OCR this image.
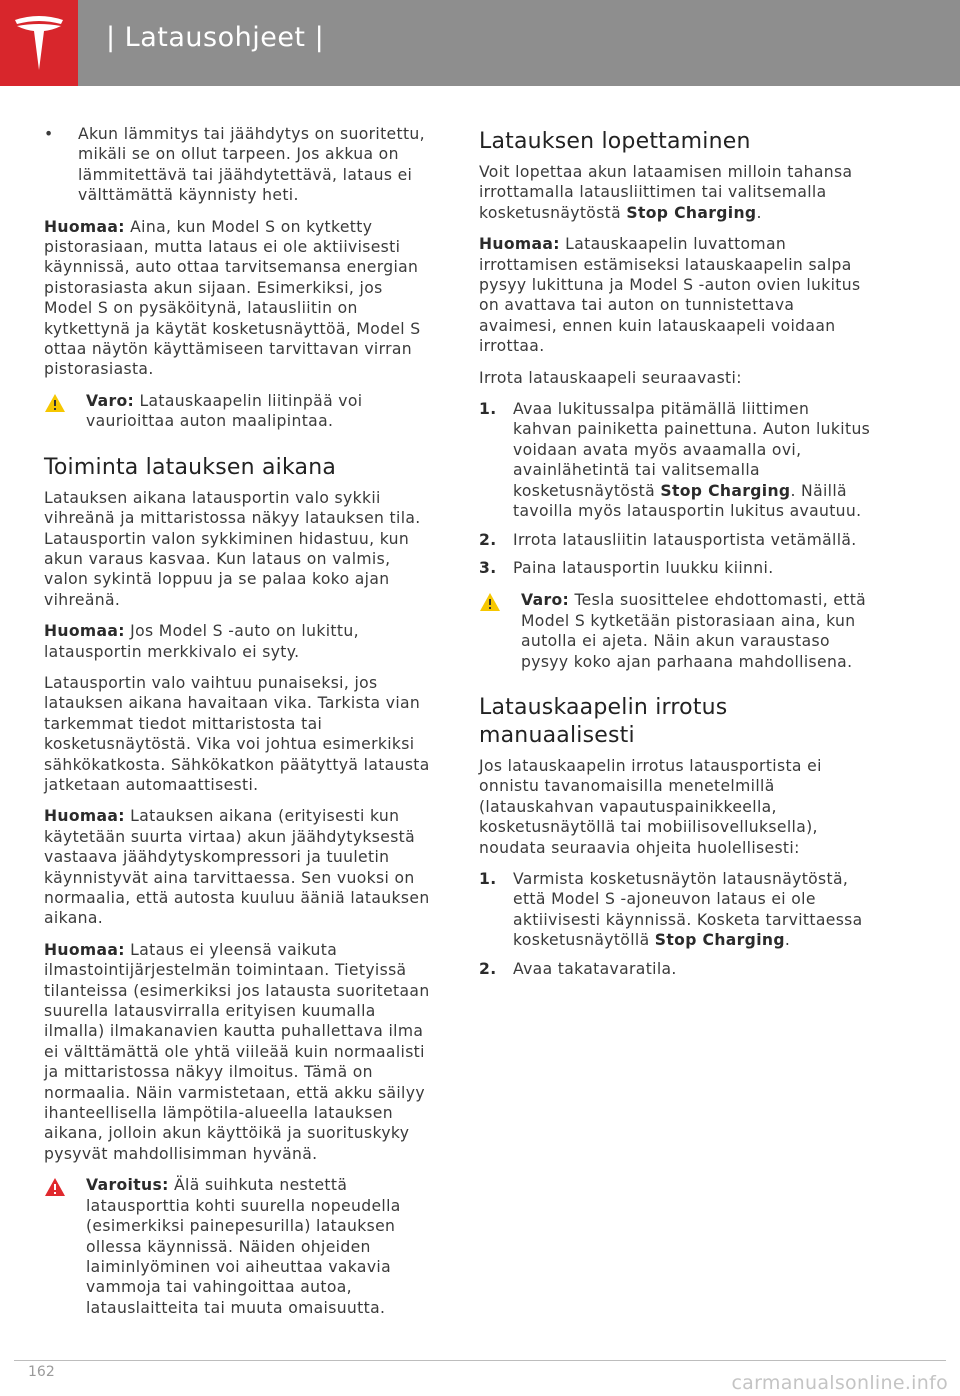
| Latausohjeet |
•	Akun lämmitys tai jäähdytys on suoritettu, mikäli se on ollut tarpeen. Jos akkua on lämmitettävä tai jäähdytettävä, lataus ei välttämättä käynnisty heti.

Huomaa: Aina, kun Model S on kytketty pistorasiaan, mutta lataus ei ole aktiivisesti käynnissä, auto ottaa tarvitsemansa energian pistorasiasta akun sijaan. Esimerkiksi, jos Model S on pysäköitynä, latausliitin on kytkettynä ja käytät kosketusnäyttöä, Model S ottaa näytön käyttämiseen tarvittavan virran pistorasiasta.

Varo: Latauskaapelin liitinpää voi vaurioittaa auton maalipintaa.
Toiminta latauksen aikana

Latauksen aikana latausportin valo sykkii vihreänä ja mittaristossa näkyy latauksen tila. Latausportin valon sykkiminen hidastuu, kun akun varaus kasvaa. Kun lataus on valmis, valon sykintä loppuu ja se palaa koko ajan vihreänä.

Huomaa: Jos Model S -auto on lukittu, latausportin merkkivalo ei syty.

Latausportin valo vaihtuu punaiseksi, jos latauksen aikana havaitaan vika. Tarkista vian tarkemmat tiedot mittaristosta tai kosketusnäytöstä. Vika voi johtua esimerkiksi sähkökatkosta. Sähkökatkon päätyttyä latausta jatketaan automaattisesti.

Huomaa: Latauksen aikana (erityisesti kun käytetään suurta virtaa) akun jäähdytyksestä vastaava jäähdytyskompressori ja tuuletin käynnistyvät aina tarvittaessa. Sen vuoksi on normaalia, että autosta kuuluu ääniä latauksen aikana.

Huomaa: Lataus ei yleensä vaikuta ilmastointijärjestelmän toimintaan. Tietyissä tilanteissa (esimerkiksi jos latausta suoritetaan suurella latausvirralla erityisen kuumalla ilmalla) ilmakanavien kautta puhallettava ilma ei välttämättä ole yhtä viileää kuin normaalisti ja mittaristossa näkyy ilmoitus. Tämä on normaalia. Näin varmistetaan, että akku säilyy ihanteellisella lämpötila-alueella latauksen aikana, jolloin akun käyttöikä ja suorituskyky pysyvät mahdollisimman hyvänä.

Varoitus: Älä suihkuta nestettä latausporttia kohti suurella nopeudella (esimerkiksi painepesurilla) latauksen ollessa käynnissä. Näiden ohjeiden laiminlyöminen voi aiheuttaa vakavia vammoja tai vahingoittaa autoa, latauslaitteita tai muuta omaisuutta.
Latauksen lopettaminen

Voit lopettaa akun lataamisen milloin tahansa irrottamalla latausliittimen tai valitsemalla kosketusnäytöstä Stop Charging.

Huomaa: Latauskaapelin luvattoman irrottamisen estämiseksi latauskaapelin salpa pysyy lukittuna ja Model S -auton ovien lukitus on avattava tai auton on tunnistettava avaimesi, ennen kuin latauskaapeli voidaan irrottaa.

Irrota latauskaapeli seuraavasti:

1.	Avaa lukitussalpa pitämällä liittimen kahvan painiketta painettuna. Auton lukitus voidaan avata myös avaamalla ovi, avainlähetintä tai valitsemalla kosketusnäytöstä Stop Charging. Näillä tavoilla myös latausportin lukitus avautuu.
2.	Irrota latausliitin latausportista vetämällä.
3.	Paina latausportin luukku kiinni.
Varo: Tesla suosittelee ehdottomasti, että Model S kytketään pistorasiaan aina, kun autolla ei ajeta. Näin akun varaustaso pysyy koko ajan parhaana mahdollisena.
Latauskaapelin irrotus manuaalisesti

Jos latauskaapelin irrotus latausportista ei onnistu tavanomaisilla menetelmillä (latauskahvan vapautuspainikkeella, kosketusnäytöllä tai mobiilisovelluksella), noudata seuraavia ohjeita huolellisesti:

1.	Varmista kosketusnäytön latausnäytöstä, että Model S -ajoneuvon lataus ei ole aktiivisesti käynnissä. Kosketa tarvittaessa kosketusnäytöllä Stop Charging.
2.	Avaa takatavaratila.
162	carmanualsonline.info
